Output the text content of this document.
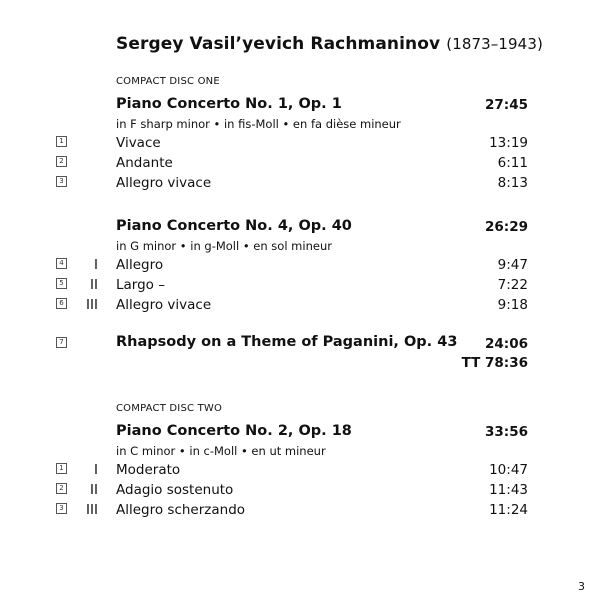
Sergey Vasil’yevich Rachmaninov (1873–1943)
COMPACT DISC ONE
Piano Concerto No. 1, Op. 1	27:45
in F sharp minor • in fis-Moll • en fa dièse mineur
1	Vivace	13:19
2	Andante	6:11
3	Allegro vivace	8:13
Piano Concerto No. 4, Op. 40	26:29
in G minor • in g-Moll • en sol mineur
4	I Allegro	9:47
5	II Largo –	7:22
6	III Allegro vivace	9:18
7	Rhapsody on a Theme of Paganini, Op. 43 24:06
TT 78:36
COMPACT DISC TWO
Piano Concerto No. 2, Op. 18	33:56
in C minor • in c-Moll • en ut mineur
1	I Moderato	10:47
2	II Adagio sostenuto	11:43
3	III Allegro scherzando	11:24
3
